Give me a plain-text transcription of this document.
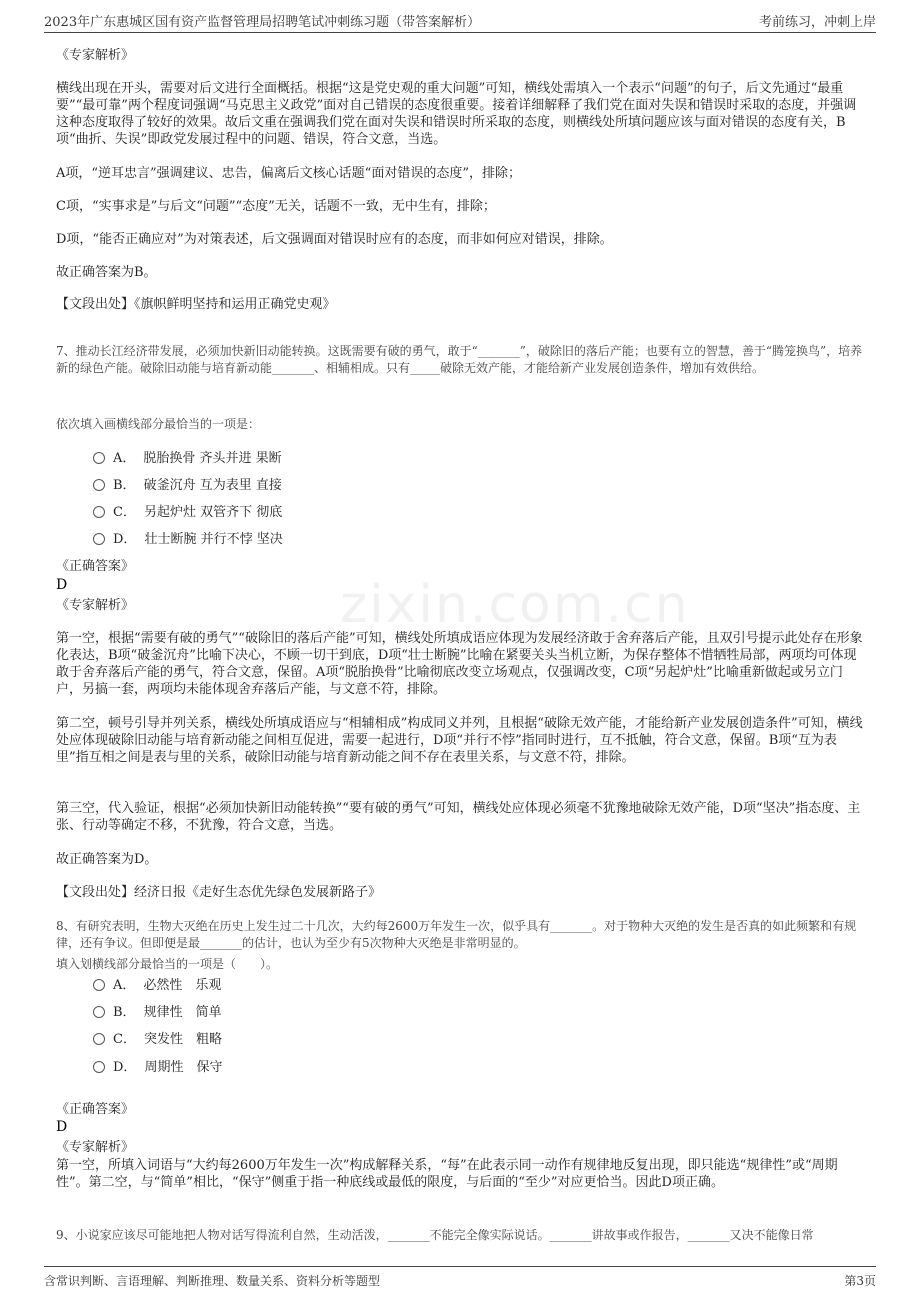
2023年广东惠城区国有资产监督管理局招聘笔试冲刺练习题（带答案解析）	考前练习，冲刺上岸
zixin.com.cn
《专家解析》
横线出现在开头，需要对后文进行全面概括。根据“这是党史观的重大问题”可知，横线处需填入一个表示“问题”的句子，后文先通过“最重要”“最可靠”两个程度词强调“马克思主义政党”面对自己错误的态度很重要。接着详细解释了我们党在面对失误和错误时采取的态度，并强调这种态度取得了较好的效果。故后文重在强调我们党在面对失误和错误时所采取的态度，则横线处所填问题应该与面对错误的态度有关，B项“曲折、失误”即政党发展过程中的问题、错误，符合文意，当选。
A项，“逆耳忠言”强调建议、忠告，偏离后文核心话题“面对错误的态度”，排除；
C项，“实事求是”与后文“问题”“态度”无关，话题不一致，无中生有，排除；
D项，“能否正确应对”为对策表述，后文强调面对错误时应有的态度，而非如何应对错误，排除。
故正确答案为B。
【文段出处】《旗帜鲜明坚持和运用正确党史观》
7、推动长江经济带发展，必须加快新旧动能转换。这既需要有破的勇气，敢于“_______”，破除旧的落后产能；也要有立的智慧，善于“腾笼换鸟”，培养新的绿色产能。破除旧动能与培育新动能_______、相辅相成。只有_____破除无效产能，才能给新产业发展创造条件，增加有效供给。
依次填入画横线部分最恰当的一项是：
A． 脱胎换骨 齐头并进 果断
B． 破釜沉舟 互为表里 直接
C． 另起炉灶 双管齐下 彻底
D． 壮士断腕 并行不悖 坚决
《正确答案》
D
《专家解析》
第一空，根据“需要有破的勇气”“破除旧的落后产能”可知，横线处所填成语应体现为发展经济敢于舍弃落后产能，且双引号提示此处存在形象化表达，B项“破釜沉舟”比喻下决心，不顾一切干到底，D项“壮士断腕”比喻在紧要关头当机立断，为保存整体不惜牺牲局部，两项均可体现敢于舍弃落后产能的勇气，符合文意，保留。A项“脱胎换骨”比喻彻底改变立场观点，仅强调改变，C项“另起炉灶”比喻重新做起或另立门户，另搞一套，两项均未能体现舍弃落后产能，与文意不符，排除。
第二空，顿号引导并列关系，横线处所填成语应与“相辅相成”构成同义并列，且根据“破除无效产能，才能给新产业发展创造条件”可知，横线处应体现破除旧动能与培育新动能之间相互促进，需要一起进行，D项“并行不悖”指同时进行，互不抵触，符合文意，保留。B项“互为表里”指互相之间是表与里的关系，破除旧动能与培育新动能之间不存在表里关系，与文意不符，排除。
第三空，代入验证，根据“必须加快新旧动能转换”“要有破的勇气”可知，横线处应体现必须毫不犹豫地破除无效产能，D项“坚决”指态度、主张、行动等确定不移，不犹豫，符合文意，当选。
故正确答案为D。
【文段出处】经济日报《走好生态优先绿色发展新路子》
8、有研究表明，生物大灭绝在历史上发生过二十几次，大约每2600万年发生一次，似乎具有_______。对于物种大灭绝的发生是否真的如此频繁和有规律，还有争议。但即便是最_______的估计，也认为至少有5次物种大灭绝是非常明显的。
填入划横线部分最恰当的一项是（　　）。
A． 必然性　乐观
B． 规律性　简单
C． 突发性　粗略
D． 周期性　保守
《正确答案》
D
《专家解析》
第一空，所填入词语与“大约每2600万年发生一次”构成解释关系，“每”在此表示同一动作有规律地反复出现，即只能选“规律性”或“周期性”。第二空，与“简单”相比，“保守”侧重于指一种底线或最低的限度，与后面的“至少”对应更恰当。因此D项正确。
9、小说家应该尽可能地把人物对话写得流利自然，生动活泼，_______不能完全像实际说话。_______讲故事或作报告，_______又决不能像日常
含常识判断、言语理解、判断推理、数量关系、资料分析等题型	第3页
